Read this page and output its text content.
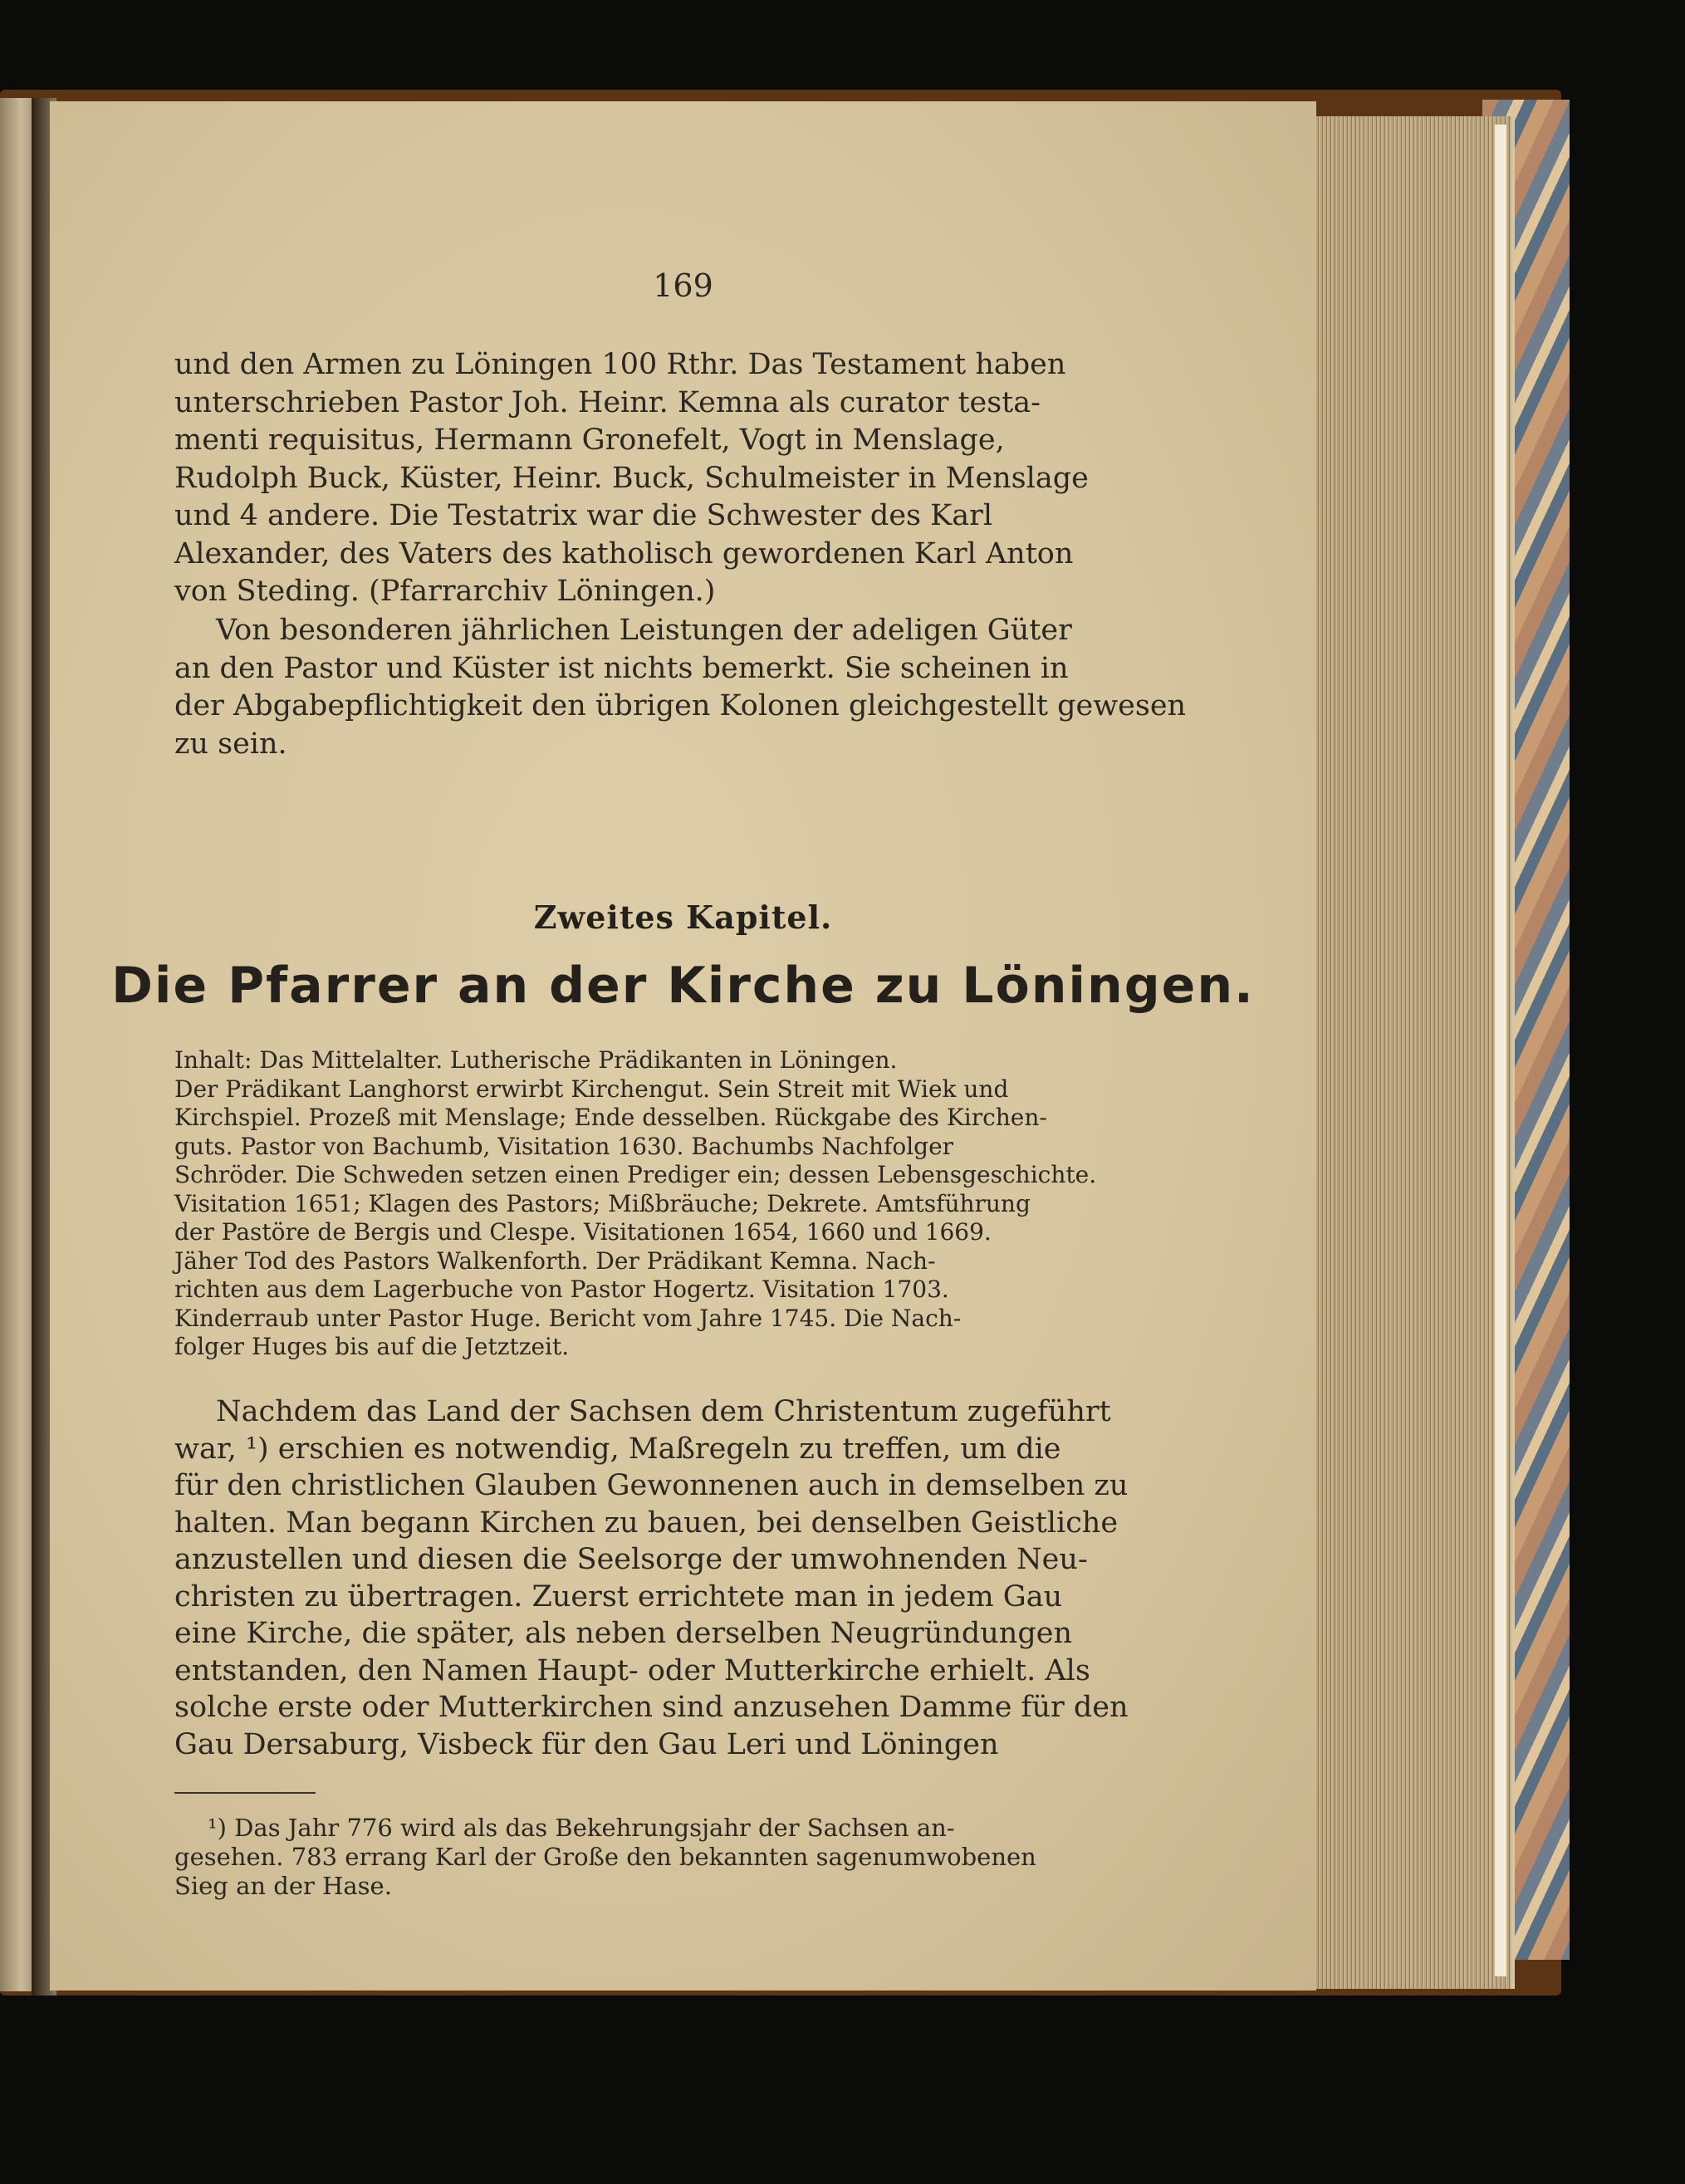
169

und den Armen zu Löningen 100 Rthr. Das Testament haben

unterschrieben Pastor Joh. Heinr. Kemna als curator testa-

menti requisitus, Hermann Gronefelt, Vogt in Menslage,

Rudolph Buck, Küster, Heinr. Buck, Schulmeister in Menslage

und 4 andere. Die Testatrix war die Schwester des Karl

Alexander, des Vaters des katholisch gewordenen Karl Anton

von Steding. (Pfarrarchiv Löningen.)

Von besonderen jährlichen Leistungen der adeligen Güter

an den Pastor und Küster ist nichts bemerkt. Sie scheinen in

der Abgabepflichtigkeit den übrigen Kolonen gleichgestellt gewesen

zu sein.

Zweites Kapitel.
Die Pfarrer an der Kirche zu Löningen.

Inhalt: Das Mittelalter. Lutherische Prädikanten in Löningen.

Der Prädikant Langhorst erwirbt Kirchengut. Sein Streit mit Wiek und

Kirchspiel. Prozeß mit Menslage; Ende desselben. Rückgabe des Kirchen-

guts. Pastor von Bachumb, Visitation 1630. Bachumbs Nachfolger

Schröder. Die Schweden setzen einen Prediger ein; dessen Lebensgeschichte.

Visitation 1651; Klagen des Pastors; Mißbräuche; Dekrete. Amtsführung

der Pastöre de Bergis und Clespe. Visitationen 1654, 1660 und 1669.

Jäher Tod des Pastors Walkenforth. Der Prädikant Kemna. Nach-

richten aus dem Lagerbuche von Pastor Hogertz. Visitation 1703.

Kinderraub unter Pastor Huge. Bericht vom Jahre 1745. Die Nach-

folger Huges bis auf die Jetztzeit.

Nachdem das Land der Sachsen dem Christentum zugeführt

war, ¹) erschien es notwendig, Maßregeln zu treffen, um die

für den christlichen Glauben Gewonnenen auch in demselben zu

halten. Man begann Kirchen zu bauen, bei denselben Geistliche

anzustellen und diesen die Seelsorge der umwohnenden Neu-

christen zu übertragen. Zuerst errichtete man in jedem Gau

eine Kirche, die später, als neben derselben Neugründungen

entstanden, den Namen Haupt- oder Mutterkirche erhielt. Als

solche erste oder Mutterkirchen sind anzusehen Damme für den

Gau Dersaburg, Visbeck für den Gau Leri und Löningen

¹) Das Jahr 776 wird als das Bekehrungsjahr der Sachsen an-

gesehen. 783 errang Karl der Große den bekannten sagenumwobenen

Sieg an der Hase.
